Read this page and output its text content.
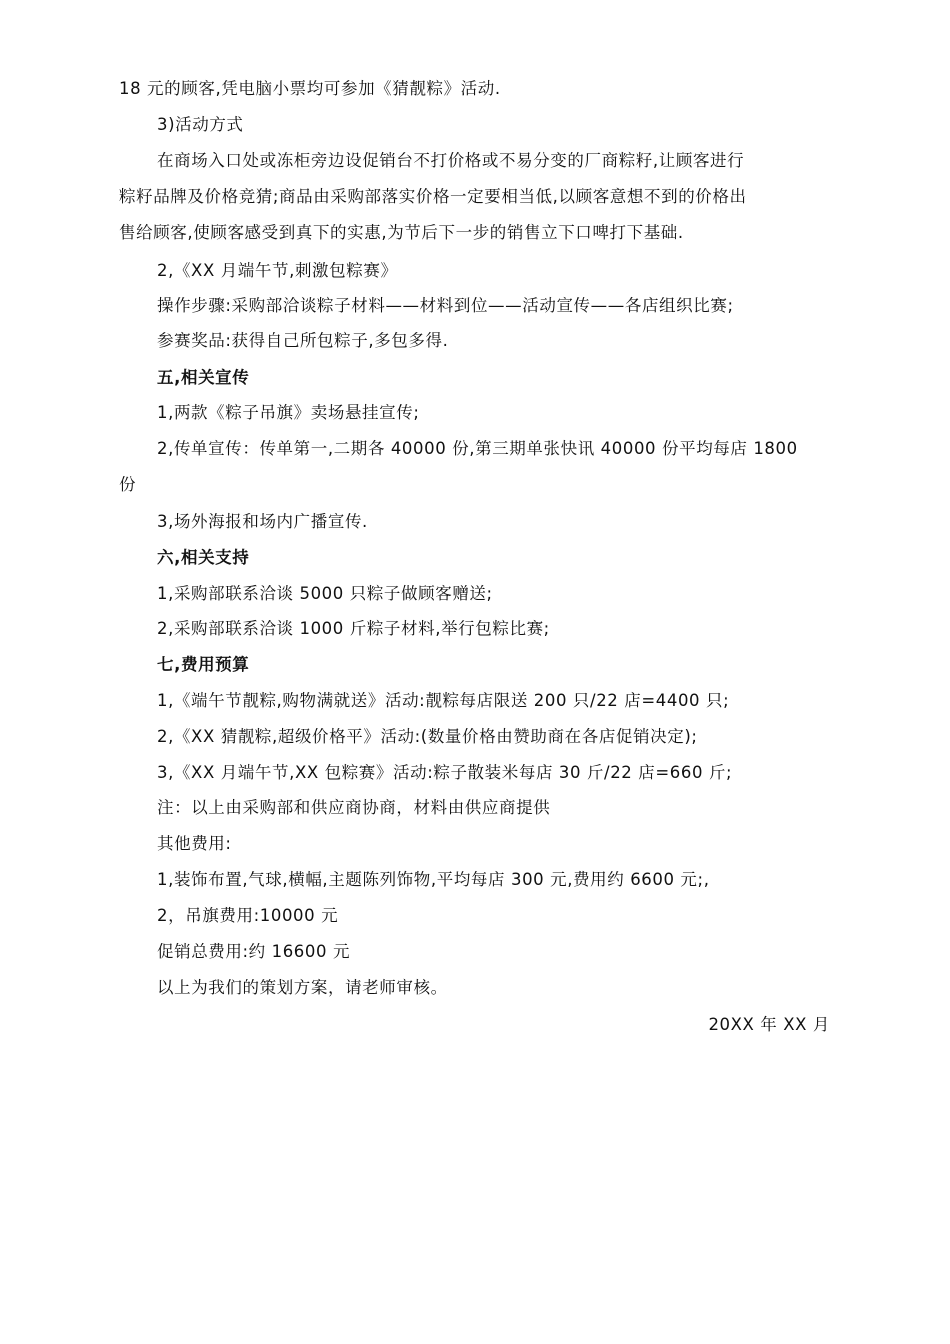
18 元的顾客,凭电脑小票均可参加《猜靓粽》活动.
3)活动方式
在商场入口处或冻柜旁边设促销台不打价格或不易分变的厂商粽籽,让顾客进行
粽籽品牌及价格竞猜;商品由采购部落实价格一定要相当低,以顾客意想不到的价格出
售给顾客,使顾客感受到真下的实惠,为节后下一步的销售立下口啤打下基础.
2,《XX 月端午节,刺激包粽赛》
操作步骤:采购部洽谈粽子材料——材料到位——活动宣传——各店组织比赛;
参赛奖品:获得自己所包粽子,多包多得.
五,相关宣传
1,两款《粽子吊旗》卖场悬挂宣传;
2,传单宣传：传单第一,二期各 40000 份,第三期单张快讯 40000 份平均每店 1800
份
3,场外海报和场内广播宣传.
六,相关支持
1,采购部联系洽谈 5000 只粽子做顾客赠送;
2,采购部联系洽谈 1000 斤粽子材料,举行包粽比赛;
七,费用预算
1,《端午节靓粽,购物满就送》活动:靓粽每店限送 200 只/22 店=4400 只;
2,《XX 猜靓粽,超级价格平》活动:(数量价格由赞助商在各店促销决定);
3,《XX 月端午节,XX 包粽赛》活动:粽子散装米每店 30 斤/22 店=660 斤;
注：以上由采购部和供应商协商，材料由供应商提供
其他费用:
1,装饰布置,气球,横幅,主题陈列饰物,平均每店 300 元,费用约 6600 元;,
2，吊旗费用:10000 元
促销总费用:约 16600 元
以上为我们的策划方案，请老师审核。
20XX 年 XX 月
